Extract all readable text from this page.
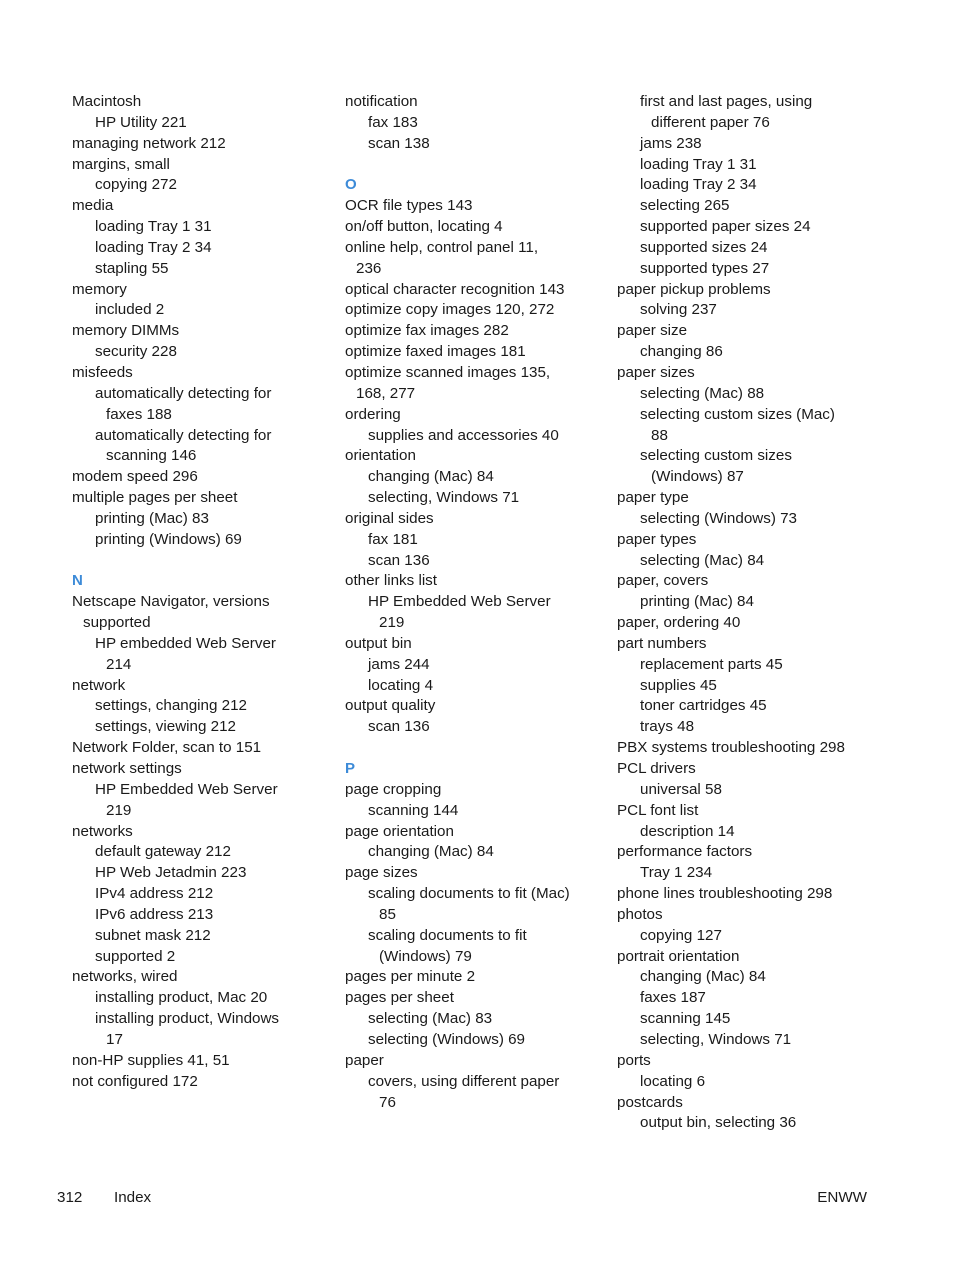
Macintosh
HP Utility 221
managing network 212
margins, small
copying 272
media
loading Tray 1 31
loading Tray 2 34
stapling 55
memory
included 2
memory DIMMs
security 228
misfeeds
automatically detecting for
faxes 188
automatically detecting for
scanning 146
modem speed 296
multiple pages per sheet
printing (Mac) 83
printing (Windows) 69
N
Netscape Navigator, versions
supported
HP embedded Web Server
214
network
settings, changing 212
settings, viewing 212
Network Folder, scan to 151
network settings
HP Embedded Web Server
219
networks
default gateway 212
HP Web Jetadmin 223
IPv4 address 212
IPv6 address 213
subnet mask 212
supported 2
networks, wired
installing product, Mac 20
installing product, Windows
17
non-HP supplies 41, 51
not configured 172
notification
fax 183
scan 138
O
OCR file types 143
on/off button, locating 4
online help, control panel 11,
236
optical character recognition 143
optimize copy images 120, 272
optimize fax images 282
optimize faxed images 181
optimize scanned images 135,
168, 277
ordering
supplies and accessories 40
orientation
changing (Mac) 84
selecting, Windows 71
original sides
fax 181
scan 136
other links list
HP Embedded Web Server
219
output bin
jams 244
locating 4
output quality
scan 136
P
page cropping
scanning 144
page orientation
changing (Mac) 84
page sizes
scaling documents to fit (Mac)
85
scaling documents to fit
(Windows) 79
pages per minute 2
pages per sheet
selecting (Mac) 83
selecting (Windows) 69
paper
covers, using different paper
76
first and last pages, using
different paper 76
jams 238
loading Tray 1 31
loading Tray 2 34
selecting 265
supported paper sizes 24
supported sizes 24
supported types 27
paper pickup problems
solving 237
paper size
changing 86
paper sizes
selecting (Mac) 88
selecting custom sizes (Mac)
88
selecting custom sizes
(Windows) 87
paper type
selecting (Windows) 73
paper types
selecting (Mac) 84
paper, covers
printing (Mac) 84
paper, ordering 40
part numbers
replacement parts 45
supplies 45
toner cartridges 45
trays 48
PBX systems troubleshooting 298
PCL drivers
universal 58
PCL font list
description 14
performance factors
Tray 1 234
phone lines troubleshooting 298
photos
copying 127
portrait orientation
changing (Mac) 84
faxes 187
scanning 145
selecting, Windows 71
ports
locating 6
postcards
output bin, selecting 36
312 Index	ENWW
